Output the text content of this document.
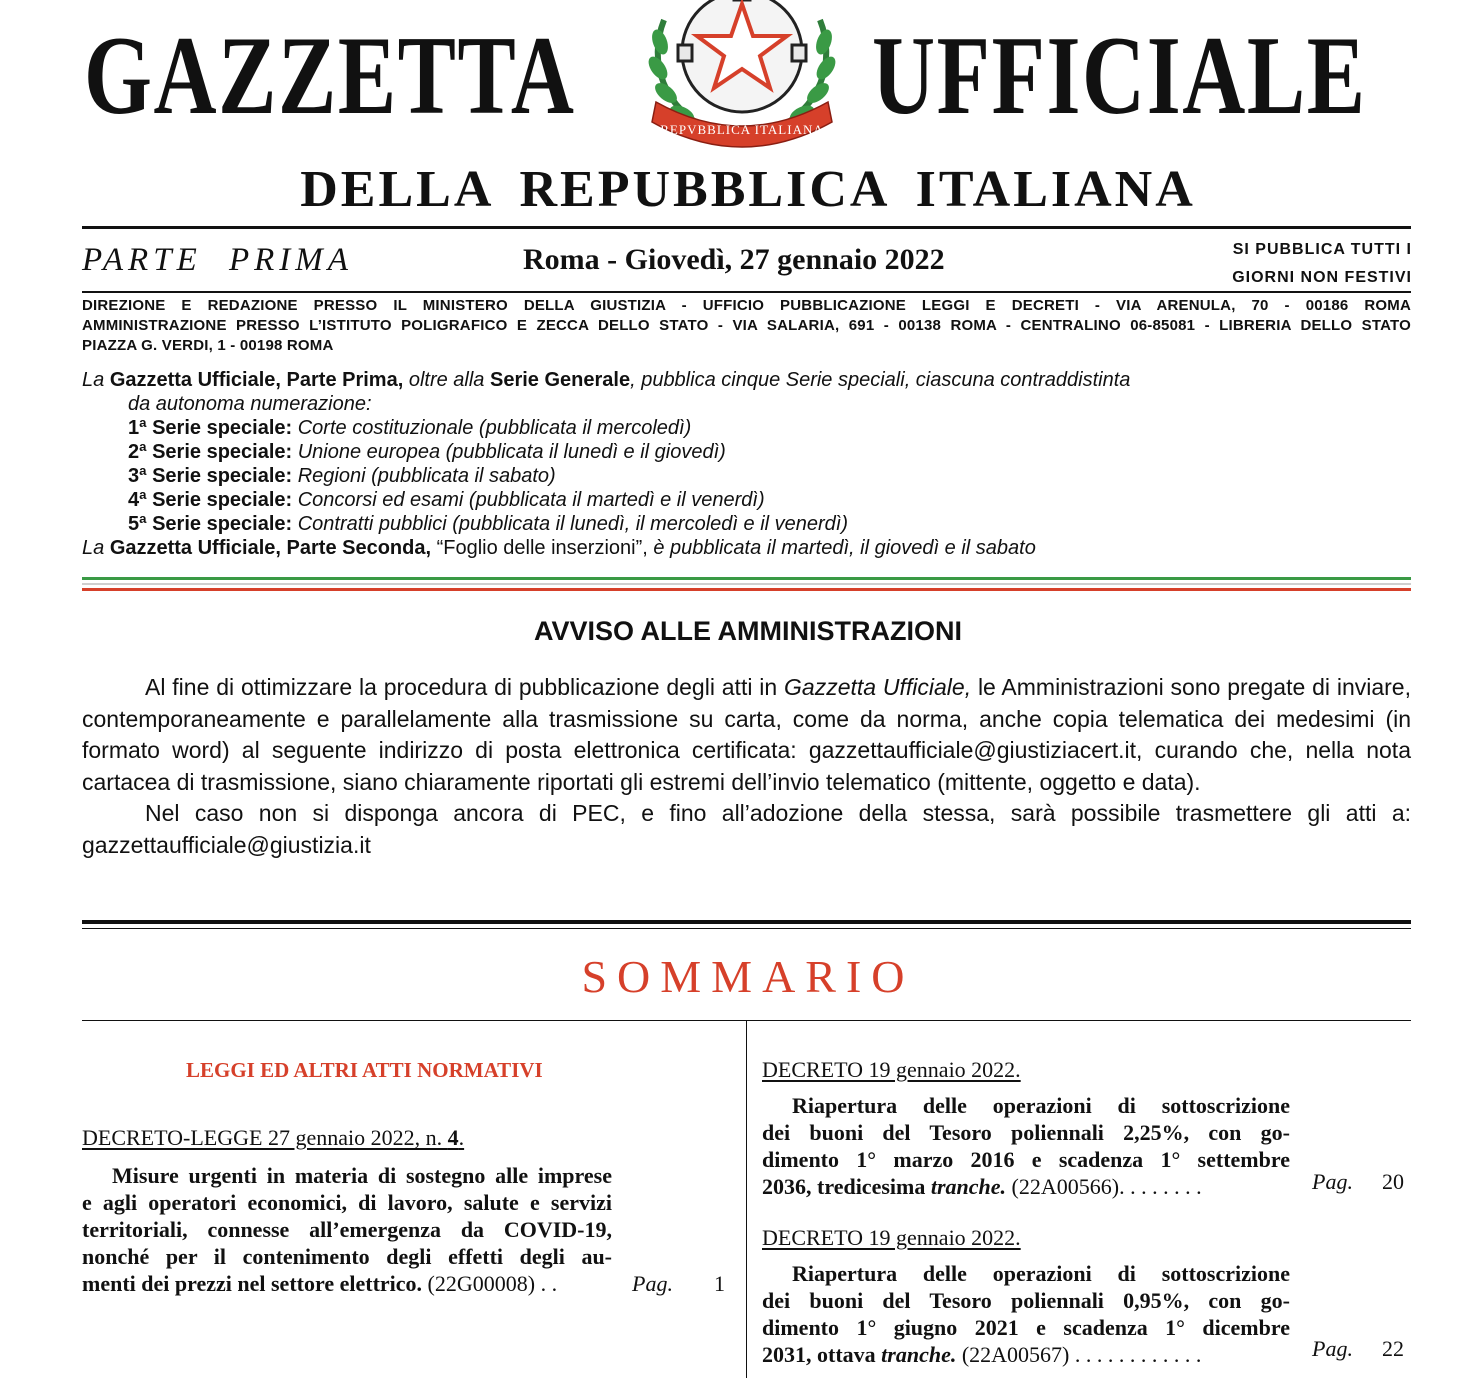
GAZZETTA	REPVBBLICA ITALIANA UFFICIALE
DELLA REPUBBLICA ITALIANA
PARTE PRIMA	Roma - Giovedì, 27 gennaio 2022	SI PUBBLICA TUTTI I
GIORNI NON FESTIVI
DIREZIONE E REDAZIONE PRESSO IL MINISTERO DELLA GIUSTIZIA - UFFICIO PUBBLICAZIONE LEGGI E DECRETI - VIA ARENULA, 70 - 00186 ROMA
AMMINISTRAZIONE PRESSO L’ISTITUTO POLIGRAFICO E ZECCA DELLO STATO - VIA SALARIA, 691 - 00138 ROMA - CENTRALINO 06-85081 - LIBRERIA DELLO STATO
PIAZZA G. VERDI, 1 - 00198 ROMA
La Gazzetta Ufficiale, Parte Prima, oltre alla Serie Generale, pubblica cinque Serie speciali, ciascuna contraddistinta
da autonoma numerazione:
1ª Serie speciale: Corte costituzionale (pubblicata il mercoledì)
2ª Serie speciale: Unione europea (pubblicata il lunedì e il giovedì)
3ª Serie speciale: Regioni (pubblicata il sabato)
4ª Serie speciale: Concorsi ed esami (pubblicata il martedì e il venerdì)
5ª Serie speciale: Contratti pubblici (pubblicata il lunedì, il mercoledì e il venerdì)
La Gazzetta Ufficiale, Parte Seconda, “Foglio delle inserzioni”, è pubblicata il martedì, il giovedì e il sabato
AVVISO ALLE AMMINISTRAZIONI

Al fine di ottimizzare la procedura di pubblicazione degli atti in Gazzetta Ufficiale, le Amministrazioni sono pregate di inviare, contemporaneamente e parallelamente alla trasmissione su carta, come da norma, anche copia telematica dei medesimi (in formato word) al seguente indirizzo di posta elettronica certificata: gazzettaufficiale@giustiziacert.it, curando che, nella nota cartacea di trasmissione, siano chiaramente riportati gli estremi dell’invio telematico (mittente, oggetto e data).

Nel caso non si disponga ancora di PEC, e fino all’adozione della stessa, sarà possibile trasmettere gli atti a: gazzettaufficiale@giustizia.it

SOMMARIO
LEGGI ED ALTRI ATTI NORMATIVI
DECRETO-LEGGE 27 gennaio 2022, n. 4.
Misure urgenti in materia di sostegno alle imprese
e agli operatori economici, di lavoro, salute e servizi
territoriali, connesse all’emergenza da COVID-19,
nonché per il contenimento degli effetti degli au-
menti dei prezzi nel settore elettrico. (22G00008) . .	Pag. 1
DECRETO 19 gennaio 2022.
Riapertura delle operazioni di sottoscrizione
dei buoni del Tesoro poliennali 2,25%, con go-
dimento 1° marzo 2016 e scadenza 1° settembre
2036, tredicesima tranche. (22A00566). . . . . . . .	Pag. 20
DECRETO 19 gennaio 2022.
Riapertura delle operazioni di sottoscrizione
dei buoni del Tesoro poliennali 0,95%, con go-
dimento 1° giugno 2021 e scadenza 1° dicembre
2031, ottava tranche. (22A00567) . . . . . . . . . . . .	Pag. 22
